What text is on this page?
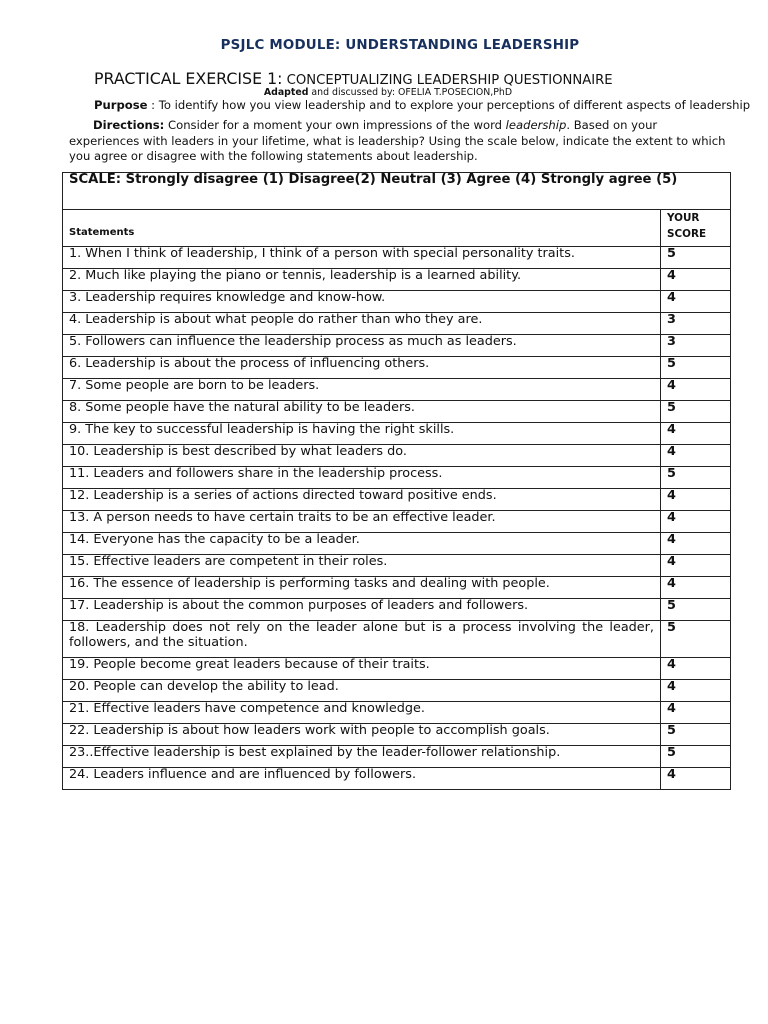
PSJLC MODULE: UNDERSTANDING LEADERSHIP
PRACTICAL EXERCISE 1: CONCEPTUALIZING LEADERSHIP QUESTIONNAIRE
Adapted and discussed by: OFELIA T.POSECION,PhD
Purpose : To identify how you view leadership and to explore your perceptions of different aspects of leadership
Directions: Consider for a moment your own impressions of the word leadership. Based on your experiences with leaders in your lifetime, what is leadership? Using the scale below, indicate the extent to which you agree or disagree with the following statements about leadership.
SCALE: Strongly disagree (1) Disagree(2) Neutral (3) Agree (4) Strongly agree (5)	
Statements	YOUR
SCORE
1. When I think of leadership, I think of a person with special personality traits.	5
2. Much like playing the piano or tennis, leadership is a learned ability.	4
3. Leadership requires knowledge and know-how.	4
4. Leadership is about what people do rather than who they are.	3
5. Followers can influence the leadership process as much as leaders.	3
6. Leadership is about the process of influencing others.	5
7. Some people are born to be leaders.	4
8. Some people have the natural ability to be leaders.	5
9. The key to successful leadership is having the right skills.	4
10. Leadership is best described by what leaders do.	4
11. Leaders and followers share in the leadership process.	5
12. Leadership is a series of actions directed toward positive ends.	4
13. A person needs to have certain traits to be an effective leader.	4
14. Everyone has the capacity to be a leader.	4
15. Effective leaders are competent in their roles.	4
16. The essence of leadership is performing tasks and dealing with people.	4
17. Leadership is about the common purposes of leaders and followers.	5
18. Leadership does not rely on the leader alone but is a process involving the leader, followers, and the situation.	5
19. People become great leaders because of their traits.	4
20. People can develop the ability to lead.	4
21. Effective leaders have competence and knowledge.	4
22. Leadership is about how leaders work with people to accomplish goals.	5
23..Effective leadership is best explained by the leader-follower relationship.	5
24. Leaders influence and are influenced by followers.	4
